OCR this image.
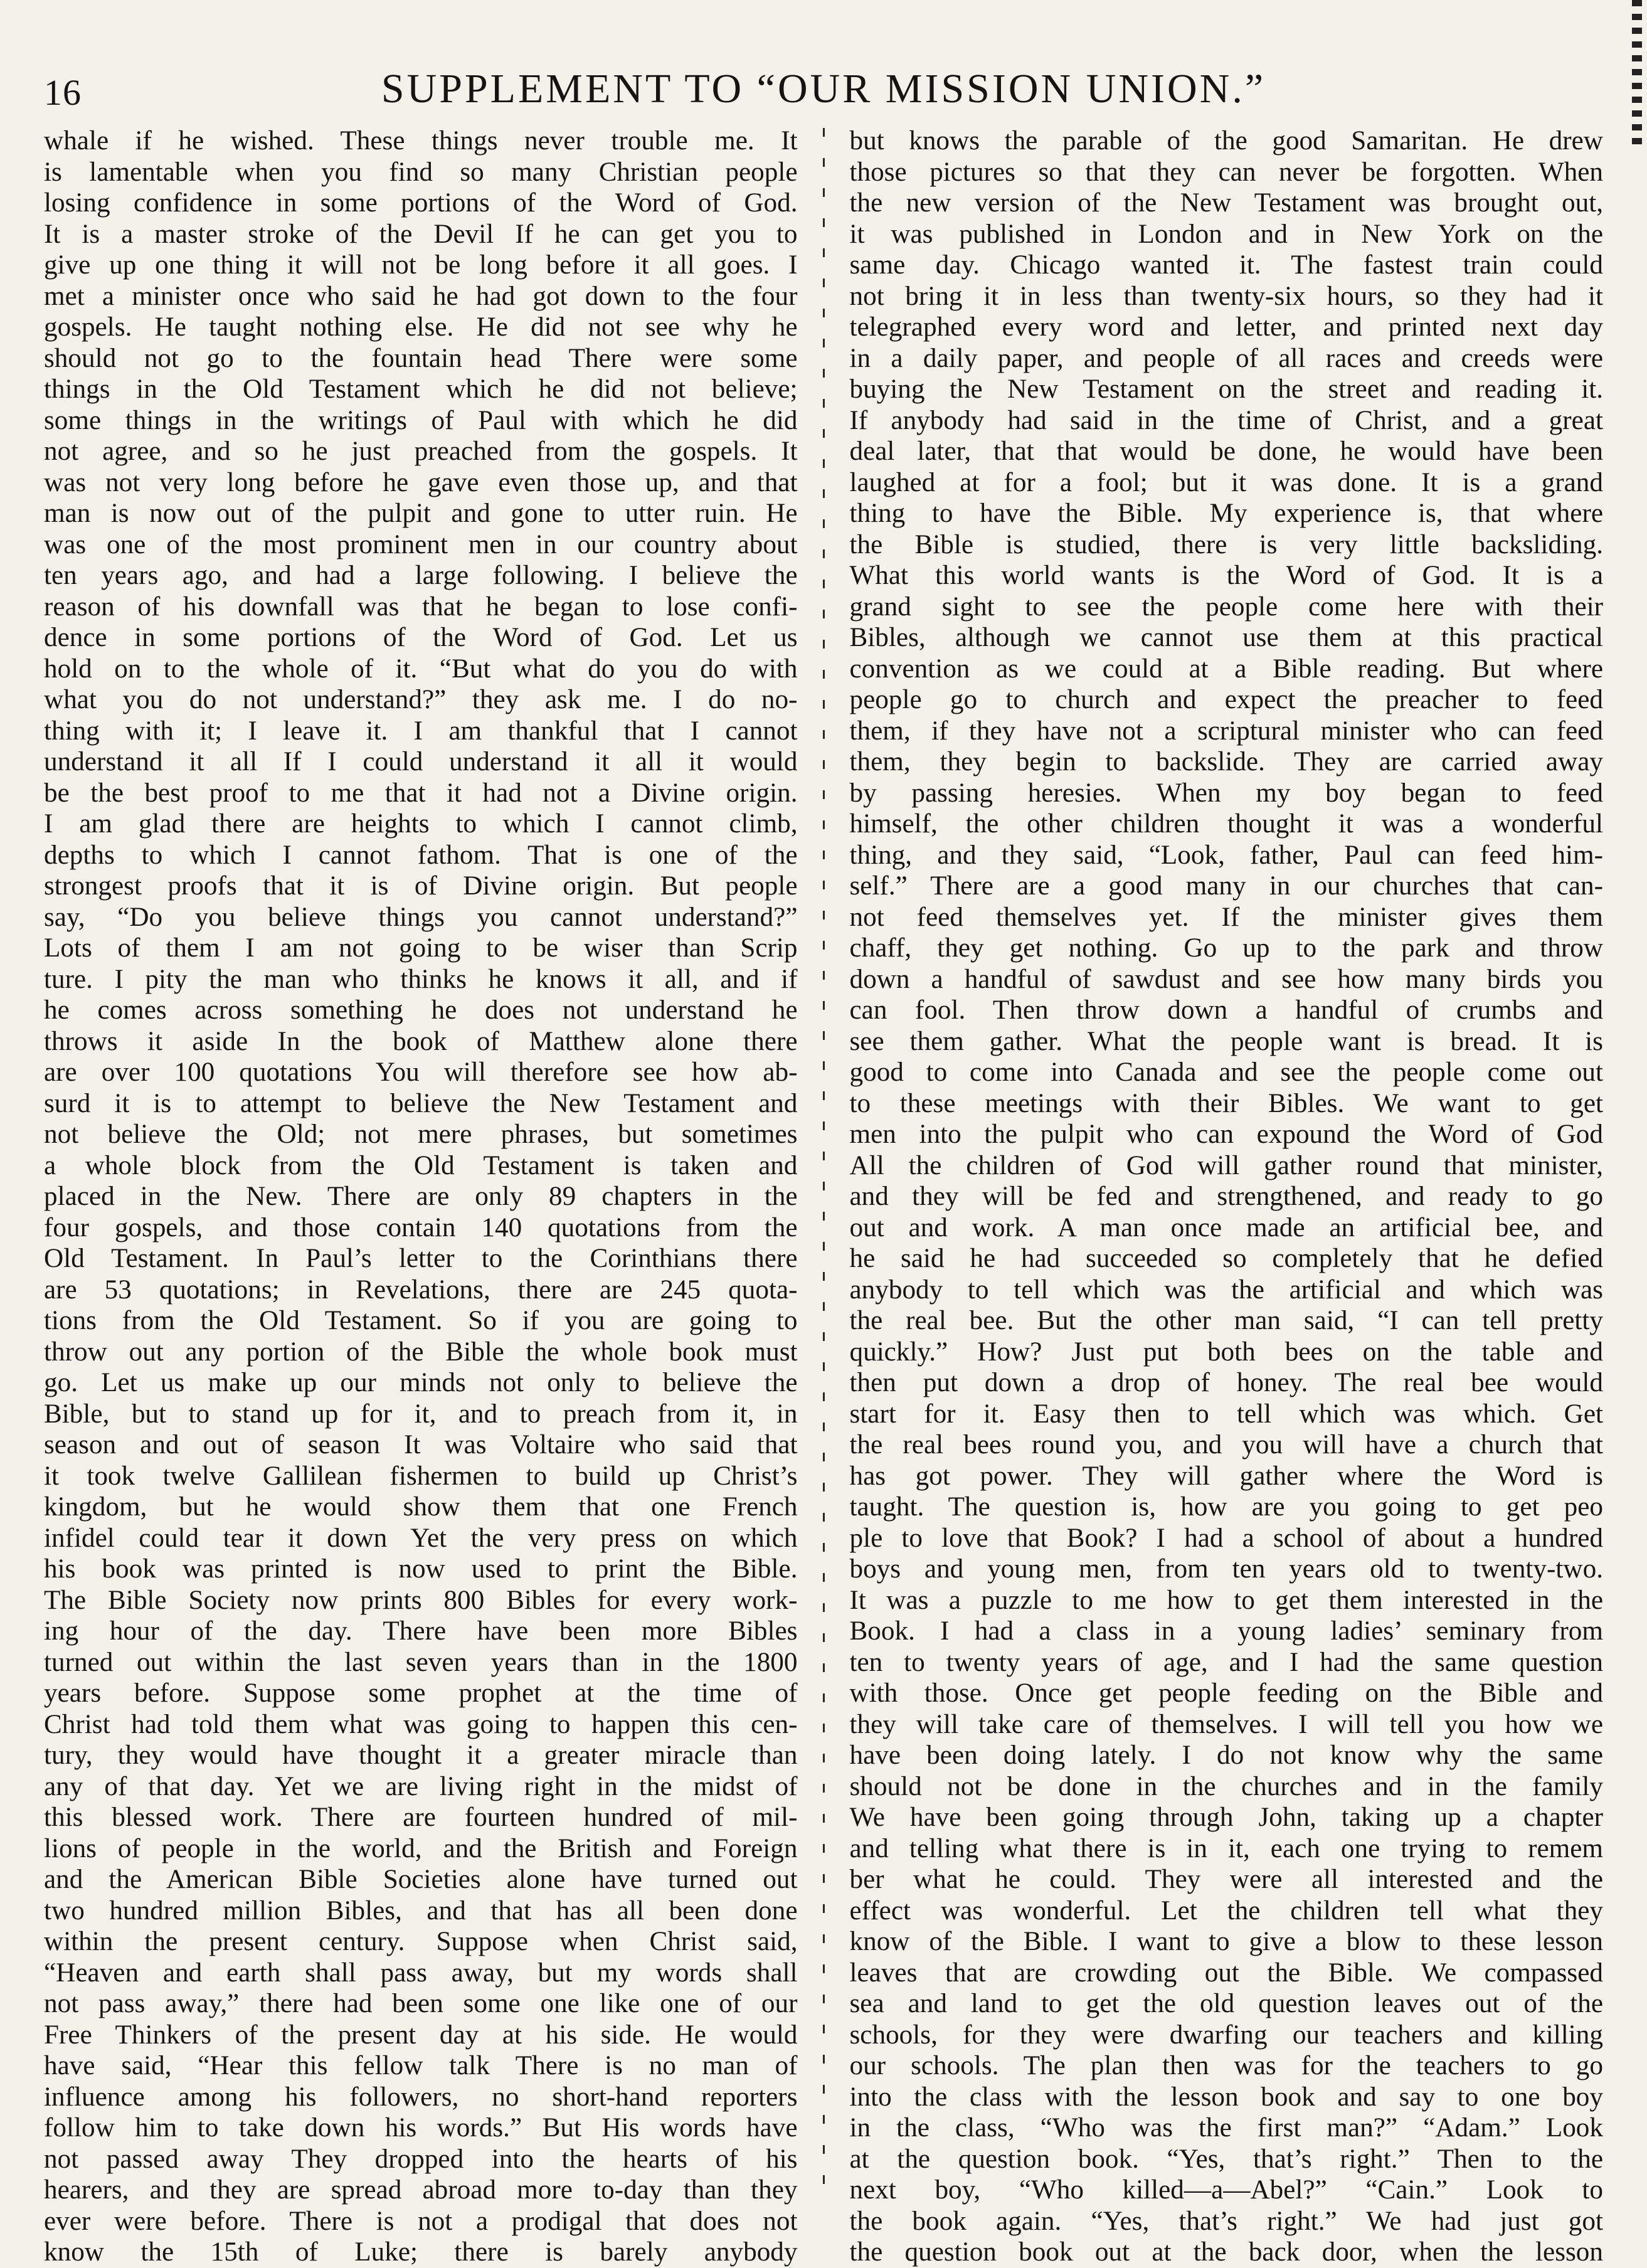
16	SUPPLEMENT TO “OUR MISSION UNION.”

whale if he wished. These things never trouble me. It

is lamentable when you find so many Christian people

losing confidence in some portions of the Word of God.

It is a master stroke of the Devil If he can get you to

give up one thing it will not be long before it all goes. I

met a minister once who said he had got down to the four

gospels. He taught nothing else. He did not see why he

should not go to the fountain head There were some

things in the Old Testament which he did not believe;

some things in the writings of Paul with which he did

not agree, and so he just preached from the gospels. It

was not very long before he gave even those up, and that

man is now out of the pulpit and gone to utter ruin. He

was one of the most prominent men in our country about

ten years ago, and had a large following. I believe the

reason of his downfall was that he began to lose confi-

dence in some portions of the Word of God. Let us

hold on to the whole of it. “But what do you do with

what you do not understand?” they ask me. I do no-

thing with it; I leave it. I am thankful that I cannot

understand it all If I could understand it all it would

be the best proof to me that it had not a Divine origin.

I am glad there are heights to which I cannot climb,

depths to which I cannot fathom. That is one of the

strongest proofs that it is of Divine origin. But people

say, “Do you believe things you cannot understand?”

Lots of them I am not going to be wiser than Scrip

ture. I pity the man who thinks he knows it all, and if

he comes across something he does not understand he

throws it aside In the book of Matthew alone there

are over 100 quotations You will therefore see how ab-

surd it is to attempt to believe the New Testament and

not believe the Old; not mere phrases, but sometimes

a whole block from the Old Testament is taken and

placed in the New. There are only 89 chapters in the

four gospels, and those contain 140 quotations from the

Old Testament. In Paul’s letter to the Corinthians there

are 53 quotations; in Revelations, there are 245 quota-

tions from the Old Testament. So if you are going to

throw out any portion of the Bible the whole book must

go. Let us make up our minds not only to believe the

Bible, but to stand up for it, and to preach from it, in

season and out of season It was Voltaire who said that

it took twelve Gallilean fishermen to build up Christ’s

kingdom, but he would show them that one French

infidel could tear it down Yet the very press on which

his book was printed is now used to print the Bible.

The Bible Society now prints 800 Bibles for every work-

ing hour of the day. There have been more Bibles

turned out within the last seven years than in the 1800

years before. Suppose some prophet at the time of

Christ had told them what was going to happen this cen-

tury, they would have thought it a greater miracle than

any of that day. Yet we are living right in the midst of

this blessed work. There are fourteen hundred of mil-

lions of people in the world, and the British and Foreign

and the American Bible Societies alone have turned out

two hundred million Bibles, and that has all been done

within the present century. Suppose when Christ said,

“Heaven and earth shall pass away, but my words shall

not pass away,” there had been some one like one of our

Free Thinkers of the present day at his side. He would

have said, “Hear this fellow talk There is no man of

influence among his followers, no short-hand reporters

follow him to take down his words.” But His words have

not passed away They dropped into the hearts of his

hearers, and they are spread abroad more to-day than they

ever were before. There is not a prodigal that does not

know the 15th of Luke; there is barely anybody

but knows the parable of the good Samaritan. He drew

those pictures so that they can never be forgotten. When

the new version of the New Testament was brought out,

it was published in London and in New York on the

same day. Chicago wanted it. The fastest train could

not bring it in less than twenty-six hours, so they had it

telegraphed every word and letter, and printed next day

in a daily paper, and people of all races and creeds were

buying the New Testament on the street and reading it.

If anybody had said in the time of Christ, and a great

deal later, that that would be done, he would have been

laughed at for a fool; but it was done. It is a grand

thing to have the Bible. My experience is, that where

the Bible is studied, there is very little backsliding.

What this world wants is the Word of God. It is a

grand sight to see the people come here with their

Bibles, although we cannot use them at this practical

convention as we could at a Bible reading. But where

people go to church and expect the preacher to feed

them, if they have not a scriptural minister who can feed

them, they begin to backslide. They are carried away

by passing heresies. When my boy began to feed

himself, the other children thought it was a wonderful

thing, and they said, “Look, father, Paul can feed him-

self.” There are a good many in our churches that can-

not feed themselves yet. If the minister gives them

chaff, they get nothing. Go up to the park and throw

down a handful of sawdust and see how many birds you

can fool. Then throw down a handful of crumbs and

see them gather. What the people want is bread. It is

good to come into Canada and see the people come out

to these meetings with their Bibles. We want to get

men into the pulpit who can expound the Word of God

All the children of God will gather round that minister,

and they will be fed and strengthened, and ready to go

out and work. A man once made an artificial bee, and

he said he had succeeded so completely that he defied

anybody to tell which was the artificial and which was

the real bee. But the other man said, “I can tell pretty

quickly.” How? Just put both bees on the table and

then put down a drop of honey. The real bee would

start for it. Easy then to tell which was which. Get

the real bees round you, and you will have a church that

has got power. They will gather where the Word is

taught. The question is, how are you going to get peo

ple to love that Book? I had a school of about a hundred

boys and young men, from ten years old to twenty-two.

It was a puzzle to me how to get them interested in the

Book. I had a class in a young ladies’ seminary from

ten to twenty years of age, and I had the same question

with those. Once get people feeding on the Bible and

they will take care of themselves. I will tell you how we

have been doing lately. I do not know why the same

should not be done in the churches and in the family

We have been going through John, taking up a chapter

and telling what there is in it, each one trying to remem

ber what he could. They were all interested and the

effect was wonderful. Let the children tell what they

know of the Bible. I want to give a blow to these lesson

leaves that are crowding out the Bible. We compassed

sea and land to get the old question leaves out of the

schools, for they were dwarfing our teachers and killing

our schools. The plan then was for the teachers to go

into the class with the lesson book and say to one boy

in the class, “Who was the first man?” “Adam.” Look

at the question book. “Yes, that’s right.” Then to the

next boy, “Who killed—a—Abel?” “Cain.” Look to

the book again. “Yes, that’s right.” We had just got

the question book out at the back door, when the lesson
